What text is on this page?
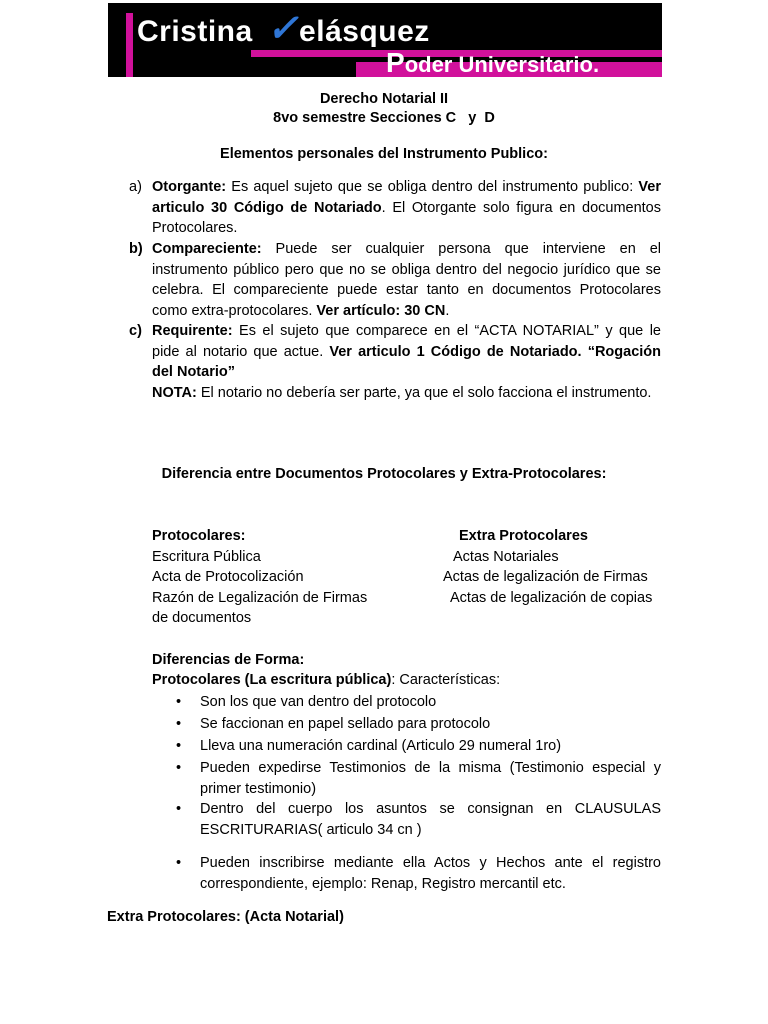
Cristina ✓elásquez
Poder Universitario.
Derecho Notarial II
8vo semestre Secciones C   y  D
Elementos personales del Instrumento Publico:
a) Otorgante: Es aquel sujeto que se obliga dentro del instrumento publico: Ver articulo 30 Código de Notariado. El Otorgante solo figura en documentos Protocolares.
b) Compareciente: Puede ser cualquier persona que interviene en el instrumento público pero que no se obliga dentro del negocio jurídico que se celebra. El compareciente puede estar tanto en documentos Protocolares como extra-protocolares. Ver artículo: 30 CN.
c) Requirente: Es el sujeto que comparece en el “ACTA NOTARIAL” y que le pide al notario que actue. Ver articulo 1 Código de Notariado. “Rogación del Notario”
NOTA: El notario no debería ser parte, ya que el solo facciona el instrumento.
Diferencia entre Documentos Protocolares y Extra-Protocolares:
Protocolares:	Extra Protocolares
Escritura Pública
Acta de Protocolización
Razón de Legalización de Firmas
de documentos
Actas Notariales
Actas de legalización de Firmas
Actas de legalización de copias
Diferencias de Forma:
Protocolares (La escritura pública): Características:
• Son los que van dentro del protocolo
• Se faccionan en papel sellado para protocolo
• Lleva una numeración cardinal (Articulo 29 numeral 1ro)
• Pueden expedirse Testimonios de la misma (Testimonio especial y primer testimonio)
• Dentro del cuerpo los asuntos se consignan en CLAUSULAS ESCRITURARIAS( articulo 34 cn )
• Pueden inscribirse mediante ella Actos y Hechos ante el registro correspondiente, ejemplo: Renap, Registro mercantil etc.
Extra Protocolares: (Acta Notarial)
